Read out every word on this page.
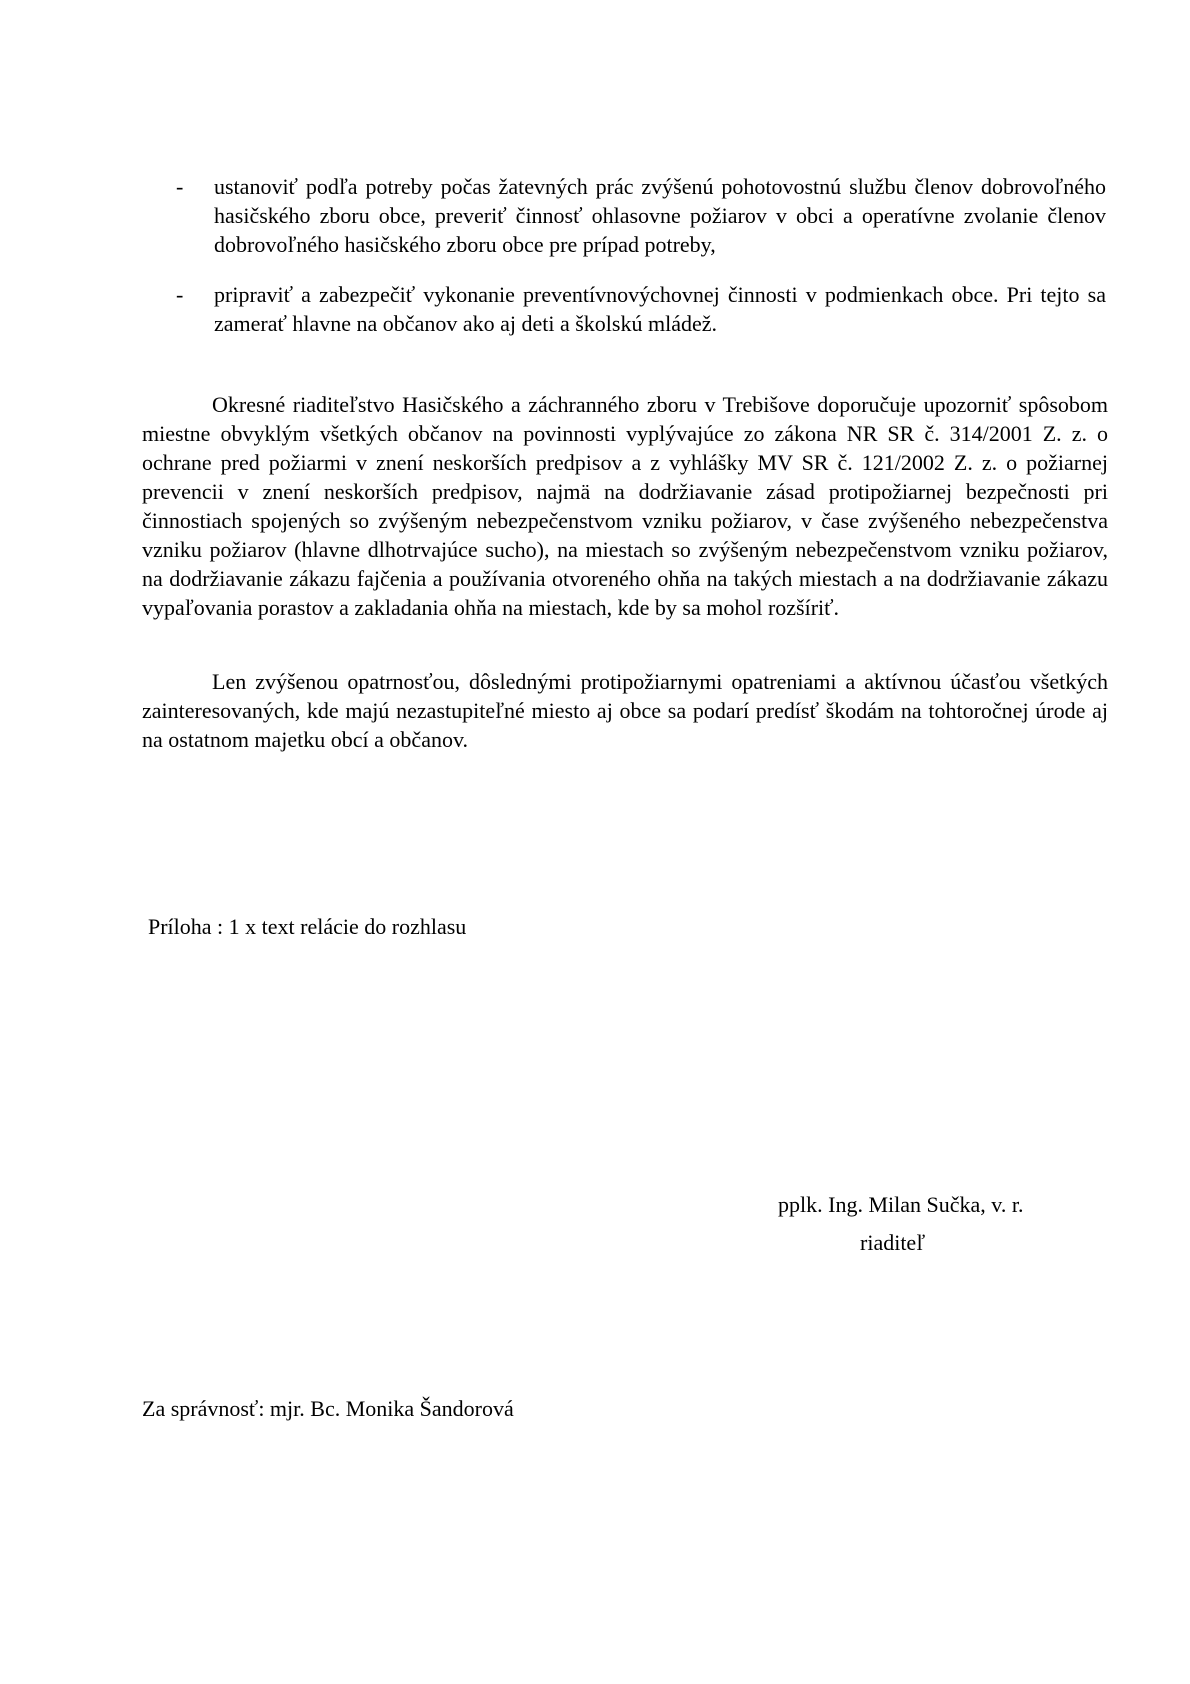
-	ustanoviť podľa potreby počas žatevných prác zvýšenú pohotovostnú službu členov dobrovoľného hasičského zboru obce, preveriť činnosť ohlasovne požiarov v obci a operatívne zvolanie členov dobrovoľného hasičského zboru obce pre prípad potreby,
-	pripraviť a zabezpečiť vykonanie preventívnovýchovnej činnosti v podmienkach obce. Pri tejto sa zamerať hlavne na občanov ako aj deti a školskú mládež.
Okresné riaditeľstvo Hasičského a záchranného zboru v Trebišove doporučuje upozorniť spôsobom miestne obvyklým všetkých občanov na povinnosti vyplývajúce zo zákona NR SR č. 314/2001 Z. z. o ochrane pred požiarmi v znení neskorších predpisov a z vyhlášky MV SR č. 121/2002 Z. z. o požiarnej prevencii v znení neskorších predpisov, najmä na dodržiavanie zásad protipožiarnej bezpečnosti pri činnostiach spojených so zvýšeným nebezpečenstvom vzniku požiarov, v čase zvýšeného nebezpečenstva vzniku požiarov (hlavne dlhotrvajúce sucho), na miestach so zvýšeným nebezpečenstvom vzniku požiarov, na dodržiavanie zákazu fajčenia a používania otvoreného ohňa na takých miestach a na dodržiavanie zákazu vypaľovania porastov a zakladania ohňa na miestach, kde by sa mohol rozšíriť.
Len zvýšenou opatrnosťou, dôslednými protipožiarnymi opatreniami a aktívnou účasťou všetkých zainteresovaných, kde majú nezastupiteľné miesto aj obce sa podarí predísť škodám na tohtoročnej úrode aj na ostatnom majetku obcí a občanov.
Príloha : 1 x text relácie do rozhlasu
pplk. Ing. Milan Sučka, v. r.
riaditeľ
Za správnosť: mjr. Bc. Monika Šandorová
